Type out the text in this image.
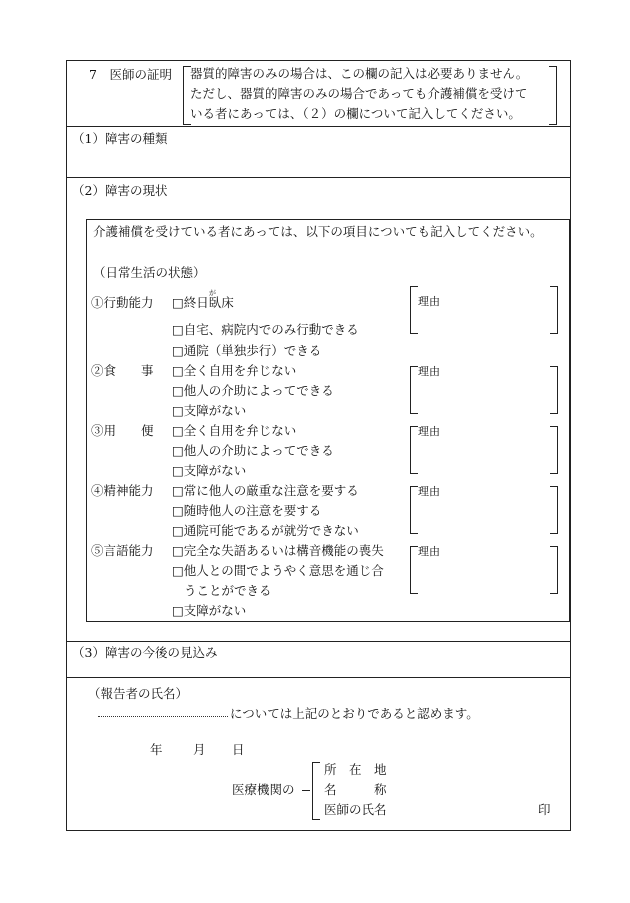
7　医師の証明 器質的障害のみの場合は、この欄の記入は必要ありません。
ただし、器質的障害のみの場合であっても介護補償を受けて
いる者にあっては、（２）の欄について記入してください。
（1）障害の種類
（2）障害の現状
介護補償を受けている者にあっては、以下の項目についても記入してください。
（日常生活の状態）
①行動能力
②食　　事
③用　　便
④精神能力
⑤言語能力
が
□終日臥床
□自宅、病院内でのみ行動できる
□通院（単独歩行）できる
□全く自用を弁じない
□他人の介助によってできる
□支障がない
□全く自用を弁じない
□他人の介助によってできる
□支障がない
□常に他人の厳重な注意を要する
□随時他人の注意を要する
□通院可能であるが就労できない
□完全な失語あるいは構音機能の喪失
□他人との間でようやく意思を通じ合
うことができる
□支障がない
理由
理由
理由
理由
理由
（3）障害の今後の見込み
（報告者の氏名）
については上記のとおりであると認めます。
年 月 日
医療機関の
所　在　地
名　　　称
医師の氏名	印
